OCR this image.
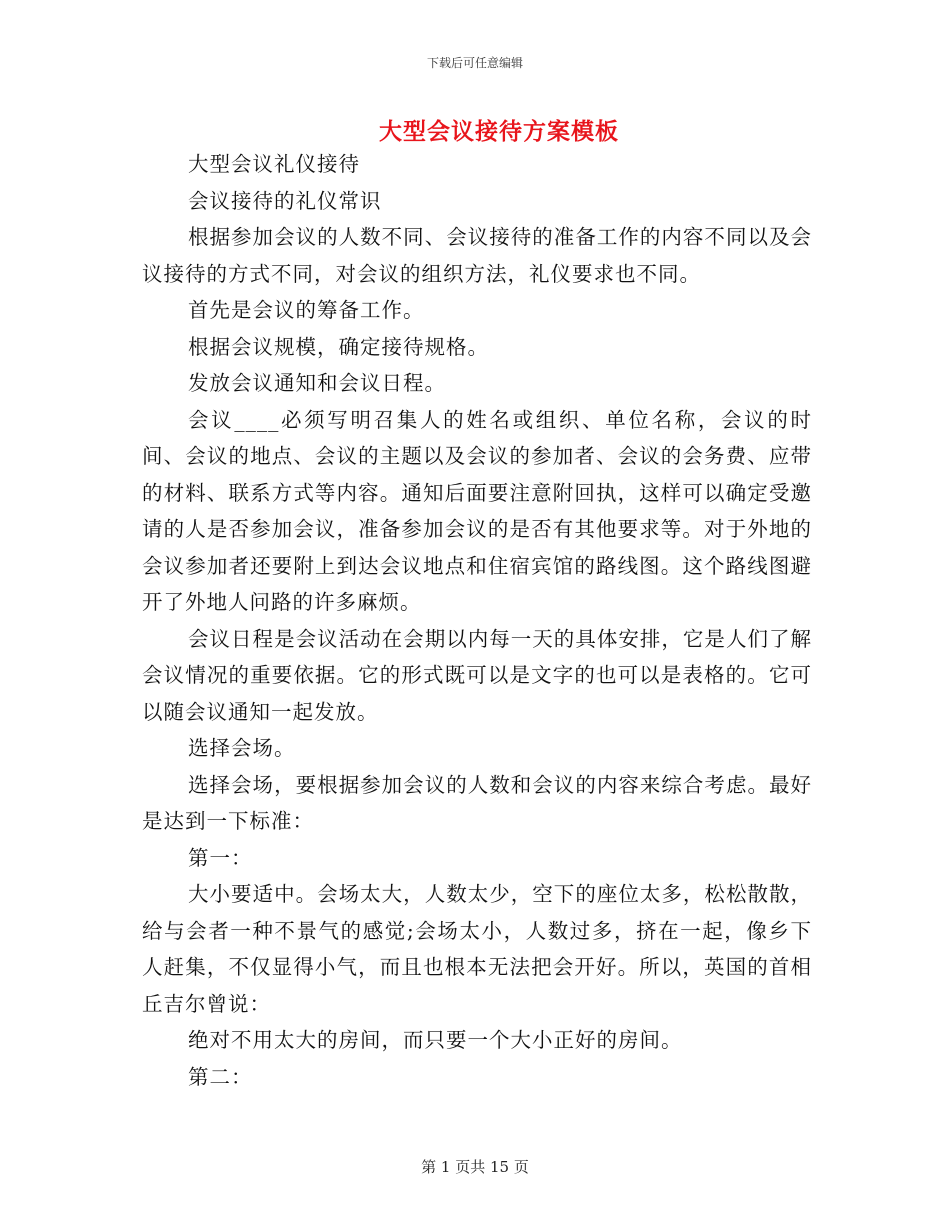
下载后可任意编辑
大型会议接待方案模板

大型会议礼仪接待

会议接待的礼仪常识

根据参加会议的人数不同、会议接待的准备工作的内容不同以及会议接待的方式不同，对会议的组织方法，礼仪要求也不同。

首先是会议的筹备工作。

根据会议规模，确定接待规格。

发放会议通知和会议日程。

会议____必须写明召集人的姓名或组织、单位名称，会议的时间、会议的地点、会议的主题以及会议的参加者、会议的会务费、应带的材料、联系方式等内容。通知后面要注意附回执，这样可以确定受邀请的人是否参加会议，准备参加会议的是否有其他要求等。对于外地的会议参加者还要附上到达会议地点和住宿宾馆的路线图。这个路线图避开了外地人问路的许多麻烦。

会议日程是会议活动在会期以内每一天的具体安排，它是人们了解会议情况的重要依据。它的形式既可以是文字的也可以是表格的。它可以随会议通知一起发放。

选择会场。

选择会场，要根据参加会议的人数和会议的内容来综合考虑。最好是达到一下标准：

第一：

大小要适中。会场太大，人数太少，空下的座位太多，松松散散，给与会者一种不景气的感觉;会场太小，人数过多，挤在一起，像乡下人赶集，不仅显得小气，而且也根本无法把会开好。所以，英国的首相丘吉尔曾说：

绝对不用太大的房间，而只要一个大小正好的房间。

第二：

第 1 页共 15 页
